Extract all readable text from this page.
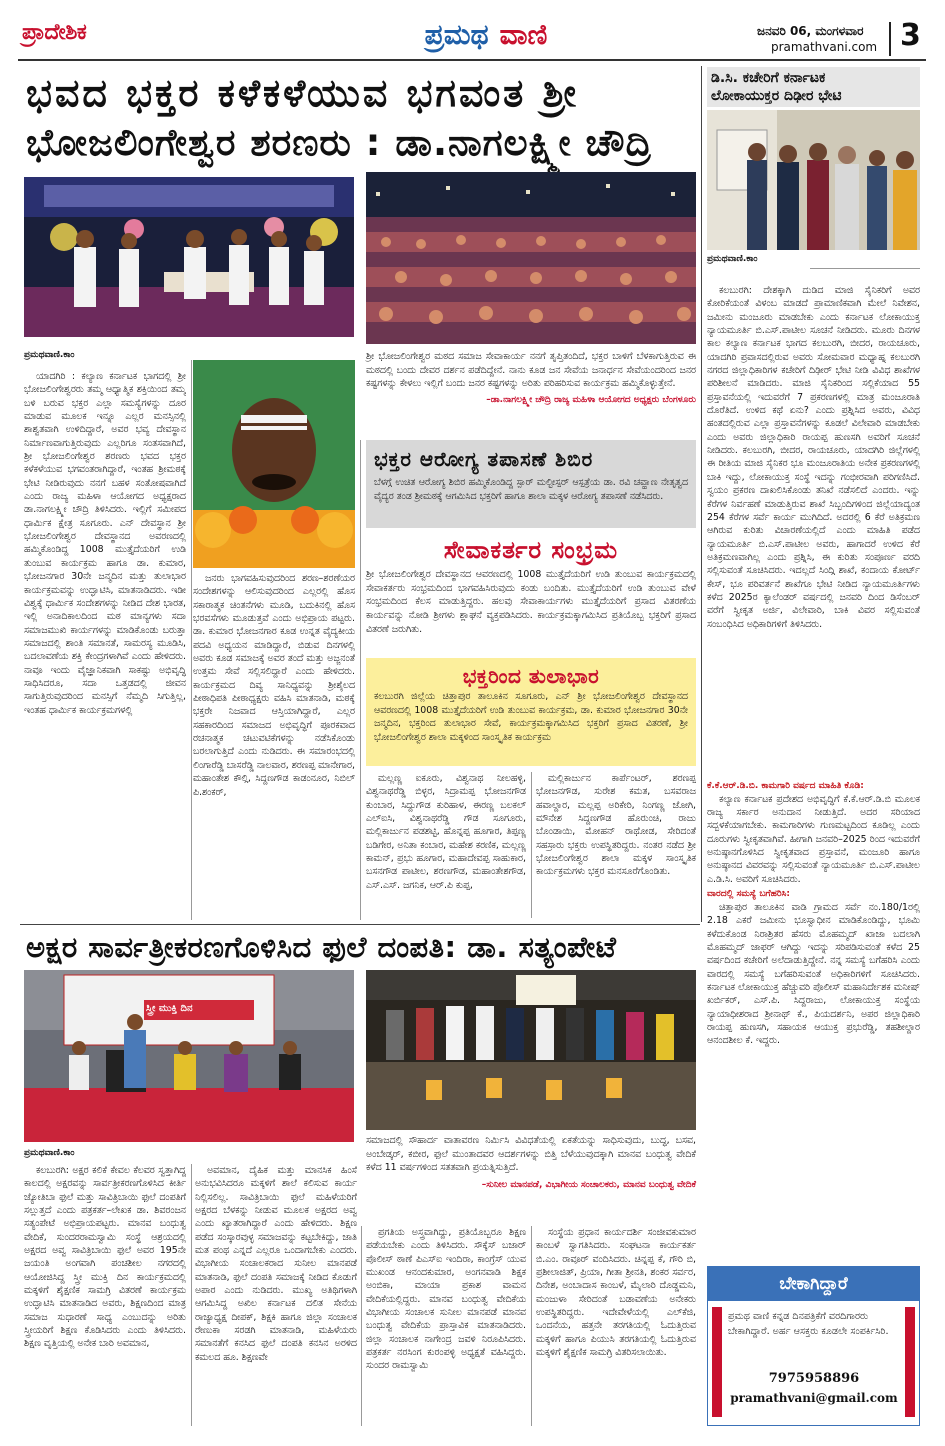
ಪ್ರಾದೇಶಿಕ	ಪ್ರಮಥ ವಾಣಿ	ಜನವರಿ 06, ಮಂಗಳವಾರ
pramathvani.com 3
ಭವದ ಭಕ್ತರ ಕಳೆಕಳೆಯುವ ಭಗವಂತ ಶ್ರೀ
ಭೋಜಲಿಂಗೇಶ್ವರ ಶರಣರು : ಡಾ.ನಾಗಲಕ್ಷ್ಮೀ ಚೌದ್ರಿ
ಪ್ರಮಥವಾಣಿ.ಕಾಂ	ಶ್ರೀ ಭೋಜಲಿಂಗೇಶ್ವರ ಮಠದ ಸಮಾಜ ಸೇವಾಕಾರ್ಯ ನನಗೆ ತೃಪ್ತಿತಂದಿದೆ, ಭಕ್ತರ ಬಾಳಿಗೆ ಬೆಳಕಾಗುತ್ತಿರುವ ಈ ಮಠದಲ್ಲಿ ಬಂದು ದೇವರ ದರ್ಶನ ಪಡೆದಿದ್ದೇನೆ. ನಾನು ಕೂಡ ಜನ ಸೇವೆಯ ಜನಾರ್ಧನ ಸೇವೆಯಂದರಿಂದ ಜನರ ಕಷ್ಟಗಳನ್ನು ಕೇಳಲು ಇಲ್ಲಿಗೆ ಬಂದು ಜನರ ಕಷ್ಟಗಳನ್ನು ಅರಿತು ಪರಿಹರಿಸುವ ಕಾರ್ಯಕ್ರಮ ಹಮ್ಮಿಕೊಳ್ಳುತ್ತೇನೆ.
–ಡಾ.ನಾಗಲಕ್ಷ್ಮೀ ಚೌದ್ರಿ ರಾಜ್ಯ ಮಹಿಳಾ ಆಯೋಗದ ಅಧ್ಯಕ್ಷರು ಬೆಂಗಳೂರು

ಯಾದಗಿರಿ : ಕಲ್ಯಾಣ ಕರ್ನಾಟಕ ಭಾಗದಲ್ಲಿ ಶ್ರೀ ಭೋಜಲಿಂಗೇಶ್ವರರು ತಮ್ಮ ಆಧ್ಯಾತ್ಮಿಕ ಶಕ್ತಿಯಿಂದ ತಮ್ಮ ಬಳಿ ಬರುವ ಭಕ್ತರ ಎಲ್ಲಾ ಸಮಸ್ಯೆಗಳನ್ನು ದೂರ ಮಾಡುವ ಮೂಲಕ ಇನ್ನೂ ಎಲ್ಲರ ಮನಸ್ಸಿನಲ್ಲಿ ಶಾಶ್ವತವಾಗಿ ಉಳಿದಿದ್ದಾರೆ, ಅವರ ಭವ್ಯ ದೇವಸ್ಥಾನ ನಿರ್ಮಾಣವಾಗುತ್ತಿರುವುದು ಎಲ್ಲರಿಗೂ ಸಂತಸವಾಗಿದೆ, ಶ್ರೀ ಭೋಜಲಿಂಗೇಶ್ವರ ಶರಣರು ಭವದ ಭಕ್ತರ ಕಳೆಕಳೆಯುವ ಭಗವಂತರಾಗಿದ್ದಾರೆ, ಇಂತಹ ಶ್ರೀಮಠಕ್ಕೆ ಭೇಟಿ ನೀಡಿರುವುದು ನನಗೆ ಬಹಳ ಸಂತೋಷವಾಗಿದೆ ಎಂದು ರಾಜ್ಯ ಮಹಿಳಾ ಆಯೋಗದ ಅಧ್ಯಕ್ಷರಾದ ಡಾ.ನಾಗಲಕ್ಷ್ಮೀ ಚೌದ್ರಿ ತಿಳಿಸಿದರು. ಇಲ್ಲಿಗೆ ಸಮೀಪದ ಧಾರ್ಮಿಕ ಕ್ಷೇತ್ರ ಸೂಗೂರು. ಎನ್ ದೇವಸ್ಥಾನ ಶ್ರೀ ಭೋಜಲಿಂಗೇಶ್ವರ ದೇವಸ್ಥಾನದ ಅವರಣದಲ್ಲಿ ಹಮ್ಮಿಕೊಂಡಿದ್ದ 1008 ಮುತ್ತೈದೆಯರಿಗೆ ಉಡಿ ತುಂಬುವ ಕಾರ್ಯಕ್ರಮ ಹಾಗೂ ಡಾ. ಕುಮಾರ, ಭೋಜನಗಾರ 30ನೇ ಜನ್ಮದಿನ ಮತ್ತು ತುಲಾಭಾರ ಕಾರ್ಯಕ್ರಮವನ್ನು ಉದ್ಘಾಟಿಸಿ, ಮಾತನಾಡಿದರು. ಇಡೀ ವಿಶ್ವಕ್ಕೆ ಧಾರ್ಮಿಕ ಸಂದೇಶಗಳನ್ನು ನೀಡಿದ ದೇಶ ಭಾರತ, ಇಲ್ಲಿ ಅನಾದಿಕಾಲದಿಂದ ಮಠ ಮಾನ್ಯಗಳು ಸದಾ ಸಮಾಜಮುಖಿ ಕಾರ್ಯಗಳನ್ನು ಮಾಡಿಕೊಂಡು ಬರುತ್ತಾ ಸಮಾಜದಲ್ಲಿ ಶಾಂತಿ ಸಮಾನತೆ, ಸಾಮರಸ್ಯ ಮೂಡಿಸಿ, ಬದಲಾವಣೆಯ ಶಕ್ತಿ ಕೇಂದ್ರಗಳಾಗಿವೆ ಎಂದು ಹೇಳಿದರು. ನಾವೂ ಇಂದು ವೈಜ್ಞಾನಿಕವಾಗಿ ಸಾಕಷ್ಟು ಅಭಿವೃದ್ಧಿ ಸಾಧಿಸಿದರೂ, ಸದಾ ಒತ್ತಡದಲ್ಲಿ ಜೀವನ ಸಾಗುತ್ತಿರುವುದರಿಂದ ಮನಸ್ಸಿಗೆ ನೆಮ್ಮದಿ ಸಿಗುತ್ತಿಲ್ಲ, ಇಂತಹ ಧಾರ್ಮಿಕ ಕಾರ್ಯಕ್ರಮಗಳಲ್ಲಿ

ಜನರು ಭಾಗವಹಿಸುವುದರಿಂದ ಶರಣ–ಶರಣೆಯರ ಸಂದೇಶಗಳನ್ನು ಆಲಿಸುವುದರಿಂದ ಎಲ್ಲರಲ್ಲಿ ಹೊಸ ಸಕಾರಾತ್ಮಕ ಚಿಂತನೆಗಳು ಮೂಡಿ, ಬದುಕಿನಲ್ಲಿ ಹೊಸ ಭರವಸೆಗಳು ಮೂಡುತ್ತವೆ ಎಂದು ಅಭಿಪ್ರಾಯ ಪಟ್ಟರು. ಡಾ. ಕುಮಾರ ಭೋಜನಗಾರ ಕೂಡ ಉನ್ನತ ವೈದ್ಯಕೀಯ ಪದವಿ ಅಧ್ಯಯನ ಮಾಡಿದ್ದಾರೆ, ಬಿಡುವ ದಿನಗಳಲ್ಲಿ ಅವರು ಕೂಡ ಸಮಾಜಕ್ಕೆ ಅವರ ತಂದೆ ಮತ್ತು ಅಜ್ಜನಂತೆ ಉತ್ತಮ ಸೇವೆ ಸಲ್ಲಿಸಲಿದ್ದಾರೆ ಎಂದು ಹೇಳಿದರು. ಕಾರ್ಯಕ್ರಮದ ದಿವ್ಯ ಸಾನಿಧ್ಯವನ್ನು ಶ್ರೀಶೈಲದ ಪೀಠಾಧಿಪತಿ ಪೀಠಾಧ್ಯಕ್ಷರು ವಹಿಸಿ ಮಾತನಾಡಿ, ಮಠಕ್ಕೆ ಭಕ್ತರೇ ನಿಜವಾದ ಆಸ್ತಿಯಾಗಿದ್ದಾರೆ, ಎಲ್ಲರ ಸಹಕಾರದಿಂದ ಸಮಾಜದ ಅಭಿವೃದ್ಧಿಗೆ ಪೂರಕವಾದ ರಚನಾತ್ಮಕ ಚಟುವಟಿಕೆಗಳನ್ನು ನಡೆಸಿಕೊಂಡು ಬರಲಾಗುತ್ತಿದೆ ಎಂದು ನುಡಿದರು. ಈ ಸಮಾರಂಭದಲ್ಲಿ ಲಿಂಗಾರೆಡ್ಡಿ ಬಾಸರೆಡ್ಡಿ ನಾಲವಾರ, ಶರಣಪ್ಪ ಮಾನೇಗಾರ, ಮಹಾಂತೇಶ ಕೌಲ್ಗಿ, ಸಿದ್ದಣಗೌಡ ಕಾಡಂನೂರ, ನಿಬಿಲ್ ಪಿ.ಶಂಕರ್,

ಭಕ್ತರ ಆರೋಗ್ಯ ತಪಾಸಣೆ ಶಿಬಿರ
ಬೆಳಗ್ಗೆ ಉಚಿತ ಆರೋಗ್ಯ ಶಿಬಿರ ಹಮ್ಮಿಕೊಂಡಿದ್ದ ಸ್ಪಾರ್ ಮಲ್ಟೀಸ್ಪರ್ ಆಸ್ಪತ್ರೆಯ ಡಾ. ರವಿ ಚವ್ಹಾಣ ನೇತೃತ್ವದ ವೈದ್ಯರ ತಂಡ ಶ್ರೀಮಠಕ್ಕೆ ಆಗಮಿಸಿದ ಭಕ್ತರಿಗೆ ಹಾಗೂ ಶಾಲಾ ಮಕ್ಕಳ ಆರೋಗ್ಯ ತಪಾಸಣೆ ನಡೆಸಿದರು.
ಸೇವಾಕರ್ತರ ಸಂಭ್ರಮ
ಶ್ರೀ ಭೋಜಲಿಂಗೇಶ್ವರ ದೇವಸ್ಥಾನದ ಆವರಣದಲ್ಲಿ 1008 ಮುತ್ತೈದೆಯರಿಗೆ ಉಡಿ ತುಂಬುವ ಕಾರ್ಯಕ್ರಮದಲ್ಲಿ ಸೇವಾಕರ್ತರು ಸಂಭ್ರಮದಿಂದ ಭಾಗವಹಿಸಿರುವುದು ಕಂಡು ಬಂದಿತು. ಮುತ್ತೈದೆಯರಿಗೆ ಉಡಿ ತುಂಬುವ ವೇಳೆ ಸಂಭ್ರಮದಿಂದ ಕೆಲಸ ಮಾಡುತ್ತಿದ್ದರು. ಹಲವು ಸೇವಾಕಾರ್ಯಗಳು ಮುತ್ತೈದೆಯರಿಗೆ ಪ್ರಸಾದ ವಿತರಣೆಯ ಕಾರ್ಯವನ್ನು ನೋಡಿ ಶ್ರೀಗಳು ಶ್ಲಾಘನೆ ವ್ಯಕ್ತಪಡಿಸಿದರು. ಕಾರ್ಯಕ್ರಮಕ್ಕಾಗಮಿಸಿದ ಪ್ರತಿಯೊಬ್ಬ ಭಕ್ತರಿಗೆ ಪ್ರಸಾದ ವಿತರಣೆ ಜರುಗಿತು.
ಭಕ್ತರಿಂದ ತುಲಾಭಾರ
ಕಲಬುರಗಿ ಜಿಲ್ಲೆಯ ಚಿತ್ತಾಪುರ ತಾಲೂಕಿನ ಸೂಗೂರು, ಎನ್ ಶ್ರೀ ಭೋಜಲಿಂಗೇಶ್ವರ ದೇವಸ್ಥಾನದ ಆವರಣದಲ್ಲಿ 1008 ಮುತ್ತೈದೆಯರಿಗೆ ಉಡಿ ತುಂಬುವ ಕಾರ್ಯಕ್ರಮ, ಡಾ. ಕುಮಾರ ಭೋಜನಗಾರ 30ನೇ ಜನ್ಮದಿನ, ಭಕ್ತರಿಂದ ತುಲಾಭಾರ ಸೇವೆ, ಕಾರ್ಯಕ್ರಮಕ್ಕಾಗಮಿಸಿದ ಭಕ್ತರಿಗೆ ಪ್ರಸಾದ ವಿತರಣೆ, ಶ್ರೀ ಭೋಜಲಿಂಗೇಶ್ವರ ಶಾಲಾ ಮಕ್ಕಳಿಂದ ಸಾಂಸ್ಕೃತಿಕ ಕಾರ್ಯಕ್ರಮ

ಮಲ್ಲಣ್ಣ ಐಕೂರು, ವಿಶ್ವನಾಥ ನೀಲಹಳ್ಳಿ, ವಿಶ್ವನಾಥರೆಡ್ಡಿ ಬಿಳ್ಳರ, ಸಿದ್ರಾಮಪ್ಪ ಭೋಜನಗೌಡ ಕುಂಬಾರ, ಸಿದ್ದುಗೌಡ ಕುರಿಹಾಳ, ಈರಣ್ಣ ಬಲಕಲ್ ಎಲ್ಐಸಿ, ವಿಶ್ವನಾಥರೆಡ್ಡಿ ಗೌಡ ಸೂಗೂರು, ಮಲ್ಲಿಕಾರ್ಜುನ ಪಡಶಟ್ಟಿ, ಹೊನ್ನಪ್ಪ ಹೂಗಾರ, ತಿಪ್ಪಣ್ಣ ಬಡಿಗೇರ, ಅನಿತಾ ಕಂಬಾರ, ಮಹೇಶ ಕರಣಿಕ, ಮಲ್ಲಣ್ಣ ಕಾಮನ್, ಪ್ರಭು ಹೂಗಾರ, ಮಹಾದೇವಪ್ಪ ಸಾಹುಕಾರ, ಬಸನಗೌಡ ಪಾಟೀಲ, ಶರಣಗೌಡ, ಮಹಾಂತೇಶಗೌಡ, ಎಸ್.ಎಸ್. ಜಗನಿಕ, ಆರ್.ಪಿ ಕುಪ್ಪ,

ಮಲ್ಲಿಕಾರ್ಜುನ ಕಾರ್ಪೆಂಟರ್, ಶರಣಪ್ಪ ಭೋಜನಗೌಡ, ಸುರೇಶ ಕಮತ, ಬಸವರಾಜ ಹವಾಲ್ದಾರ, ಮಲ್ಲಪ್ಪ ಅರಿಕೇರಿ, ನಿಂಗಣ್ಣ ಜೋಗಿ, ಮೌನೇಶ ಸಿದ್ದಣಗೌಡ ಹೊರುಂಚಿ, ರಾಜು ಬೊಂಡಾಯಿ, ಮೋಹನ್ ರಾಥೋಡ, ಸೇರಿದಂತೆ ಸಹಸ್ರಾರು ಭಕ್ತರು ಉಪಸ್ಥಿತರಿದ್ದರು. ನಂತರ ನಡೆದ ಶ್ರೀ ಭೋಜಲಿಂಗೇಶ್ವರ ಶಾಲಾ ಮಕ್ಕಳ ಸಾಂಸ್ಕೃತಿಕ ಕಾರ್ಯಕ್ರಮಗಳು ಭಕ್ತರ ಮನಸೂರೆಗೊಂಡಿತು.

ಡಿ.ಸಿ. ಕಚೇರಿಗೆ ಕರ್ನಾಟಕ
ಲೋಕಾಯುಕ್ತರ ದಿಢೀರ ಭೇಟಿ
ಪ್ರಮಥವಾಣಿ.ಕಾಂ

ಕಲಬುರಗಿ: ದೇಶಕ್ಕಾಗಿ ದುಡಿದ ಮಾಜಿ ಸೈನಿಕರಿಗೆ ಅವರ ಕೋರಿಕೆಯಂತೆ ವಿಳಂಬ ಮಾಡದೆ ಪ್ರಾಮಾಣಿಕವಾಗಿ ಮೇಲೆ ನಿವೇಶನ, ಜಮೀನು ಮಂಜೂರು ಮಾಡಬೇಕು ಎಂದು ಕರ್ನಾಟಕ ಲೋಕಾಯುಕ್ತ ನ್ಯಾಯಮೂರ್ತಿ ಬಿ.ಎಸ್.ಪಾಟೀಲ ಸೂಚನೆ ನೀಡಿದರು. ಮೂರು ದಿನಗಳ ಕಾಲ ಕಲ್ಯಾಣ ಕರ್ನಾಟಕ ಭಾಗದ ಕಲಬುರಗಿ, ಬೀದರ, ರಾಯಚೂರು, ಯಾದಗಿರಿ ಪ್ರವಾಸದಲ್ಲಿರುವ ಅವರು ಸೋಮವಾರ ಮಧ್ಯಾಹ್ನ ಕಲಬುರಗಿ ನಗರದ ಜಿಲ್ಲಾಧಿಕಾರಿಗಳ ಕಚೇರಿಗೆ ದಿಢೀರ್ ಭೇಟಿ ನೀಡಿ ವಿವಿಧ ಶಾಖೆಗಳ ಪರಿಶೀಲನೆ ಮಾಡಿದರು. ಮಾಜಿ ಸೈನಿಕರಿಂದ ಸಲ್ಲಿಕೆಯಾದ 55 ಪ್ರಸ್ತಾವನೆಯಲ್ಲಿ ಇದುವರೆಗೆ 7 ಪ್ರಕರಣಗಳಲ್ಲಿ ಮಾತ್ರ ಮಂಜೂರಾತಿ ದೊರೆತಿದೆ. ಉಳಿದ ಕಥೆ ಏನು? ಎಂದು ಪ್ರಶ್ನಿಸಿದ ಅವರು, ವಿವಿಧ ಹಂತದಲ್ಲಿರುವ ಎಲ್ಲಾ ಪ್ರಸ್ತಾವನೆಗಳನ್ನು ಕೂಡಲೆ ವಿಲೇವಾರಿ ಮಾಡಬೇಕು ಎಂದು ಅವರು ಜಿಲ್ಲಾಧಿಕಾರಿ ರಾಯಪ್ಪ ಹುಣಸಗಿ ಅವರಿಗೆ ಸೂಚನೆ ನೀಡಿದರು. ಕಲಬುರಗಿ, ಬೀದರ, ರಾಯಚೂರು, ಯಾದಗಿರಿ ಜಿಲ್ಲೆಗಳಲ್ಲಿ ಈ ರೀತಿಯ ಮಾಜಿ ಸೈನಿಕರ ಭೂ ಮಂಜೂರಾತಿಯ ಅನೇಕ ಪ್ರಕರಣಗಳಲ್ಲಿ ಬಾಕಿ ಇದ್ದು, ಲೋಕಾಯುಕ್ತ ಸಂಸ್ಥೆ ಇದನ್ನು ಗಂಭೀರವಾಗಿ ಪರಿಗಣಿಸಿದೆ. ಸ್ವಯಂ ಪ್ರಕರಣ ದಾಖಲಿಸಿಕೊಂಡು ತನಿಖೆ ನಡೆಸಲಿದೆ ಎಂದರು. ಇನ್ನು ಕೆರೆಗಳ ನಿರ್ವಹಣೆ ಮಾಡುತ್ತಿರುವ ಶಾಖೆ ಸಿಬ್ಬಂದಿಗಳಿಂದ ಜಿಲ್ಲೆಯಾದ್ಯಂತ 254 ಕೆರೆಗಳ ಸರ್ವೆ ಕಾರ್ಯ ಮುಗಿದಿದೆ. ಅದರಲ್ಲಿ 6 ಕೆರೆ ಅತಿಕ್ರಮಣ ಆಗಿರುವ ಕುರಿತು ವಿಚಾರಣೆಯಲ್ಲಿದೆ ಎಂದು ಮಾಹಿತಿ ಪಡೆದ ನ್ಯಾಯಮೂರ್ತಿ ಬಿ.ಎಸ್.ಪಾಟೀಲ ಅವರು, ಹಾಗಾದರೆ ಉಳಿದ ಕೆರೆ ಅತಿಕ್ರಮಣವಾಗಿಲ್ಲ ಎಂದು ಪ್ರಶ್ನಿಸಿ, ಈ ಕುರಿತು ಸಂಪೂರ್ಣ ವರದಿ ಸಲ್ಲಿಸುವಂತೆ ಸೂಚಿಸಿದರು. ಇದಲ್ಲದೆ ಸಿಂದ್ಗಿ ಶಾಖೆ, ಕಂದಾಯ ಕೋರ್ಟ್ ಕೇಸ್, ಭೂ ಪರಿವರ್ತನೆ ಶಾಖೆಗೂ ಭೇಟಿ ನೀಡಿದ ನ್ಯಾಯಮೂರ್ತಿಗಳು ಕಳೆದ 2025ರ ಕ್ಯಾಲೆಂಡರ್ ವರ್ಷದಲ್ಲಿ ಜನವರಿ ದಿಂದ ಡಿಸೆಂಬರ್ ವರೆಗೆ ಸ್ವೀಕೃತ ಅರ್ಜಿ, ವಿಲೇವಾರಿ, ಬಾಕಿ ವಿವರ ಸಲ್ಲಿಸುವಂತೆ ಸಂಬಂಧಿಸಿದ ಅಧಿಕಾರಿಗಳಿಗೆ ತಿಳಿಸಿದರು.

ಕೆ.ಕೆ.ಆರ್.ಡಿ.ಬಿ. ಕಾಮಗಾರಿ ವರ್ಷದ ಮಾಹಿತಿ ಕೊಡಿ:

ಕಲ್ಯಾಣ ಕರ್ನಾಟಕ ಪ್ರದೇಶದ ಅಭಿವೃದ್ಧಿಗೆ ಕೆ.ಕೆ.ಆರ್.ಡಿ.ಬಿ ಮೂಲಕ ರಾಜ್ಯ ಸರ್ಕಾರ ಅನುದಾನ ನೀಡುತ್ತಿದೆ. ಅದರ ಸರಿಯಾದ ಸದ್ಬಳಕೆಯಾಗಬೇಕು. ಕಾಮಗಾರಿಗಳು ಗುಣಮಟ್ಟದಿಂದ ಕೂಡಿಲ್ಲ ಎಂದು ದೂರುಗಳು ಸ್ವೀಕೃತವಾಗಿವೆ. ಹೀಗಾಗಿ ಜನವರಿ–2025 ರಿಂದ ಇದುವರೆಗೆ ಅನುಷ್ಠಾನಗೊಳಿಸಿದ ಸ್ವೀಕೃತವಾದ ಪ್ರಸ್ತಾವನೆ, ಮಂಜೂರಿ ಹಾಗೂ ಅನುಷ್ಠಾನದ ವಿವರವನ್ನು ಸಲ್ಲಿಸುವಂತೆ ನ್ಯಾಯಮೂರ್ತಿ ಬಿ.ಎಸ್.ಪಾಟೀಲ ಎ.ಡಿ.ಸಿ. ಅವರಿಗೆ ಸೂಚಿಸಿದರು.

ವಾರದಲ್ಲಿ ಸಮಸ್ಯೆ ಬಗೆಹರಿಸಿ:

ಚಿತ್ತಾಪುರ ತಾಲೂಕಿನ ವಾಡಿ ಗ್ರಾಮದ ಸರ್ವೆ ನಂ.180/1ರಲ್ಲಿ 2.18 ಎಕರೆ ಜಮೀನು ಭೂಸ್ವಾಧೀನ ಮಾಡಿಕೊಂಡಿದ್ದು, ಭೂಮಿ ಕಳೆದುಕೊಂಡ ನಿರಾಶ್ರಿತರ ಹೆಸರು ಮೊಹಮ್ಮದ್ ಖಾಜಾ ಬದಲಾಗಿ ಮೊಹಮ್ಮದ್ ಜಾಫರ್ ಆಗಿದ್ದು ಇದನ್ನು ಸರಿಪಡಿಸುವಂತೆ ಕಳೆದ 25 ವರ್ಷದಿಂದ ಕಚೇರಿಗೆ ಅಲೆದಾಡುತ್ತಿದ್ದೇನೆ. ನನ್ನ ಸಮಸ್ಯೆ ಬಗೆಹರಿಸಿ ಎಂದು ವಾರದಲ್ಲಿ ಸಮಸ್ಯೆ ಬಗೆಹರಿಸುವಂತೆ ಅಧಿಕಾರಿಗಳಿಗೆ ಸೂಚಿಸಿದರು. ಕರ್ನಾಟಕ ಲೋಕಾಯುಕ್ತ ಹೆಚ್ಚುವರಿ ಪೊಲೀಸ್ ಮಹಾನಿರ್ದೇಶಕ ಮನೀಷ್ ಖರ್ಬಿಕರ್, ಎಸ್.ಪಿ. ಸಿದ್ದರಾಜು, ಲೋಕಾಯುಕ್ತ ಸಂಸ್ಥೆಯ ನ್ಯಾಯಾಧೀಶರಾದ ಶ್ರೀನಾಥ್ ಕೆ., ಪಿಯದರ್ಶನಿ, ಅಪರ ಜಿಲ್ಲಾಧಿಕಾರಿ ರಾಯಪ್ಪ ಹುಣಸಗಿ, ಸಹಾಯಕ ಆಯುಕ್ತ ಪ್ರಭುರೆಡ್ಡಿ, ತಹಶೀಲ್ದಾರ ಆನಂದಶೀಲ ಕೆ. ಇದ್ದರು.

ಬೇಕಾಗಿದ್ದಾರೆ
ಪ್ರಮಥ ವಾಣಿ ಕನ್ನಡ ದಿನಪತ್ರಿಕೆಗೆ ವರದಿಗಾರರು ಬೇಕಾಗಿದ್ದಾರೆ. ಅರ್ಹ ಆಸಕ್ತರು ಕೂಡಲೇ ಸಂಪರ್ಕಿಸಿರಿ.
7975958896
pramathvani@gmail.com
ಅಕ್ಷರ ಸಾರ್ವತ್ರೀಕರಣಗೊಳಿಸಿದ ಫುಲೆ ದಂಪತಿ: ಡಾ. ಸತ್ಯಂಪೇಟೆ
ಸ್ತ್ರೀ ಮುಕ್ತಿ ದಿನ
ಪ್ರಮಥವಾಣಿ.ಕಾಂ
ಸಮಾಜದಲ್ಲಿ ಸೌಹಾರ್ದ ವಾತಾವರಣ ನಿರ್ಮಿಸಿ ವಿವಿಧತೆಯಲ್ಲಿ ಏಕತೆಯನ್ನು ಸಾಧಿಸುವುದು, ಬುದ್ಧ, ಬಸವ, ಅಂಬೇಡ್ಕರ್, ಕಬೀರ, ಫುಲೆ ಮುಂತಾದವರ ಆದರ್ಶಗಳನ್ನು ಬಿತ್ತಿ ಬೆಳೆಯುವುದಕ್ಕಾಗಿ ಮಾನವ ಬಂಧುತ್ವ ವೇದಿಕೆ ಕಳೆದ 11 ವರ್ಷಗಳಿಂದ ಸತತವಾಗಿ ಪ್ರಯತ್ನಿಸುತ್ತಿದೆ.
–ಸುನೀಲ ಮಾನಪಡೆ, ವಿಭಾಗೀಯ ಸಂಚಾಲಕರು, ಮಾನವ ಬಂಧುತ್ವ ವೇದಿಕೆ

ಕಲಬುರಗಿ: ಅಕ್ಷರ ಕಲಿಕೆ ಕೇವಲ ಕೆಲವರ ಸ್ವತ್ತಾಗಿದ್ದ ಕಾಲದಲ್ಲಿ ಅಕ್ಷರವನ್ನು ಸಾರ್ವತ್ರೀಕರಣಗೊಳಿಸಿದ ಕೀರ್ತಿ ಜ್ಯೋತಿಬಾ ಫುಲೆ ಮತ್ತು ಸಾವಿತ್ರಿಬಾಯಿ ಫುಲೆ ದಂಪತಿಗೆ ಸಲ್ಲುತ್ತದೆ ಎಂದು ಪತ್ರಕರ್ತ–ಲೇಖಕ ಡಾ. ಶಿವರಂಜನ ಸತ್ಯಂಪೇಟೆ ಅಭಿಪ್ರಾಯಪಟ್ಟರು. ಮಾನವ ಬಂಧುತ್ವ ವೇದಿಕೆ, ಸುಂದರರಾಮಸ್ವಾಮಿ ಸಂಸ್ಥೆ ಆಶ್ರಯದಲ್ಲಿ ಅಕ್ಷರದ ಅವ್ವ ಸಾವಿತ್ರಿಬಾಯಿ ಫುಲೆ ಅವರ 195ನೇ ಜಯಂತಿ ಅಂಗವಾಗಿ ಪಂಚಶೀಲ ನಗರದಲ್ಲಿ ಆಯೋಜಿಸಿದ್ದ ಸ್ತ್ರೀ ಮುಕ್ತಿ ದಿನ ಕಾರ್ಯಕ್ರಮದಲ್ಲಿ ಮಕ್ಕಳಿಗೆ ಶೈಕ್ಷಣಿಕ ಸಾಮಗ್ರಿ ವಿತರಣೆ ಕಾರ್ಯಕ್ರಮ ಉದ್ಘಾಟಿಸಿ ಮಾತನಾಡಿದ ಅವರು, ಶಿಕ್ಷಣದಿಂದ ಮಾತ್ರ ಸಮಾಜ ಸುಧಾರಣೆ ಸಾಧ್ಯ ಎಂಬುದನ್ನು ಅರಿತು ಸ್ತ್ರೀಯರಿಗೆ ಶಿಕ್ಷಣ ಕೊಡಿಸಿದರು ಎಂದು ತಿಳಿಸಿದರು. ಶಿಕ್ಷಣ ವೃತ್ತಿಯಲ್ಲಿ ಅನೇಕ ಬಾರಿ ಅವಮಾನ,

ಅವಮಾನ, ದೈಹಿಕ ಮತ್ತು ಮಾನಸಿಕ ಹಿಂಸೆ ಅನುಭವಿಸಿದರೂ ಮಕ್ಕಳಿಗೆ ಶಾಲೆ ಕಲಿಸುವ ಕಾರ್ಯ ನಿಲ್ಲಿಸಲಿಲ್ಲ. ಸಾವಿತ್ರಿಬಾಯಿ ಫುಲೆ ಮಹಿಳೆಯರಿಗೆ ಅಕ್ಷರದ ಬೆಳಕನ್ನು ನೀಡುವ ಮೂಲಕ ಅಕ್ಷರದ ಅವ್ವ ಎಂದು ಖ್ಯಾತರಾಗಿದ್ದಾರೆ ಎಂದು ಹೇಳಿದರು. ಶಿಕ್ಷಣ ಪಡೆದ ಸಂಸ್ಕಾರವುಳ್ಳ ಸಮಾಜವನ್ನು ಕಟ್ಟಬೇಕಿದ್ದು, ಜಾತಿ ಮತ ಪಂಥ ಎನ್ನದೆ ಎಲ್ಲರೂ ಒಂದಾಗಬೇಕು ಎಂದರು. ವಿಭಾಗೀಯ ಸಂಚಾಲಕರಾದ ಸುನೀಲ ಮಾನಪಡೆ ಮಾತನಾಡಿ, ಫುಲೆ ದಂಪತಿ ಸಮಾಜಕ್ಕೆ ನೀಡಿದ ಕೊಡುಗೆ ಅಪಾರ ಎಂದು ನುಡಿದರು. ಮುಖ್ಯ ಅತಿಥಿಗಳಾಗಿ ಆಗಮಿಸಿದ್ದ ಅಖಿಲ ಕರ್ನಾಟಕ ದಲಿತ ಸೇನೆಯ ರಾಜ್ಯಾಧ್ಯಕ್ಷ ದೀಪಕ್, ಶಿಕ್ಷಕಿ ಹಾಗೂ ಜಿಲ್ಲಾ ಸಂಚಾಲಕ ರೇಣುಕಾ ಸರಡಗಿ ಮಾತನಾಡಿ, ಮಹಿಳೆಯರು ಸಮಾನತೆಗೆ ಕನಸಿದ ಫುಲೆ ದಂಪತಿ ಕನಸಿನ ಅರಳಿದ ಕಮಲದ ಹೂ. ಶಿಕ್ಷಣವೇ

ಪ್ರಗತಿಯ ಅಸ್ತ್ರವಾಗಿದ್ದು, ಪ್ರತಿಯೊಬ್ಬರೂ ಶಿಕ್ಷಣ ಪಡೆಯಬೇಕು ಎಂದು ತಿಳಿಸಿದರು. ಸೌಕ್ಕೆಸ್ ಬಜಾರ್ ಪೊಲೀಸ್ ಠಾಣೆ ಪಿಎಸ್‌ಐ ಇಂದಿರಾ, ಕಾಂಗ್ರೆಸ್ ಯುವ ಮುಖಂಡ ಆನಂದಕುಮಾರ, ಅಂಗನವಾಡಿ ಶಿಕ್ಷಕ ಅಂಬಿಕಾ, ಮಾಯಾ ಪ್ರಕಾಶ ವಾಮನ ವೇದಿಕೆಯಲ್ಲಿದ್ದರು. ಮಾನವ ಬಂಧುತ್ವ ವೇದಿಕೆಯ ವಿಭಾಗೀಯ ಸಂಚಾಲಕ ಸುನೀಲ ಮಾನಪಡೆ ಮಾನವ ಬಂಧುತ್ವ ವೇದಿಕೆಯ ಪ್ರಾಸ್ತಾವಿಕ ಮಾತನಾಡಿದರು. ಜಿಲ್ಲಾ ಸಂಚಾಲಕ ನಾಗೇಂದ್ರ ಜವಳಿ ನಿರೂಪಿಸಿದರು. ಪತ್ರಕರ್ತ ನರಸಿಂಗ ಕುರಂಪಳ್ಳಿ ಅಧ್ಯಕ್ಷತೆ ವಹಿಸಿದ್ದರು. ಸುಂದರ ರಾಮಸ್ವಾಮಿ

ಸಂಸ್ಥೆಯ ಪ್ರಧಾನ ಕಾರ್ಯದರ್ಶಿ ಸಂಜೀವಕುಮಾರ ಕಾಂಬಳೆ ಸ್ವಾಗತಿಸಿದರು. ಸಂಘಟನಾ ಕಾರ್ಯಕರ್ತ ಬಿ.ಎಂ. ರಾವೂರ್ ವಂದಿಸಿದರು. ಚಿನ್ನಪ್ಪ ಕೆ, ಗೌರಿ ಬಿ, ಪ್ರಶೀಲಾಜಿತ್, ಪ್ರಿಯಾ, ಗೀತಾ ಶ್ರೀನತಿ, ಶಂಕರ ಸರ್ವರ, ದಿನೇಶ, ಅಂಬಾದಾಸ ಕಾಂಬಳೆ, ಮೈಲಾರಿ ದೊಡ್ಡಮನಿ, ಮಂಜುಳಾ ಸೇರಿದಂತೆ ಬಡಾವಣೆಯ ಅನೇಕರು ಉಪಸ್ಥಿತರಿದ್ದರು. ಇದೇವೇಳೆಯಲ್ಲಿ ಎಲ್‌ಕೆಜಿ, ಒಂದನೆಯ, ಹತ್ತನೇ ತರಗತಿಯಲ್ಲಿ ಓದುತ್ತಿರುವ ಮಕ್ಕಳಿಗೆ ಹಾಗೂ ಪಿಯುಸಿ ತರಗತಿಯಲ್ಲಿ ಓದುತ್ತಿರುವ ಮಕ್ಕಳಿಗೆ ಶೈಕ್ಷಣಿಕ ಸಾಮಗ್ರಿ ವಿತರಿಸಲಾಯಿತು.
